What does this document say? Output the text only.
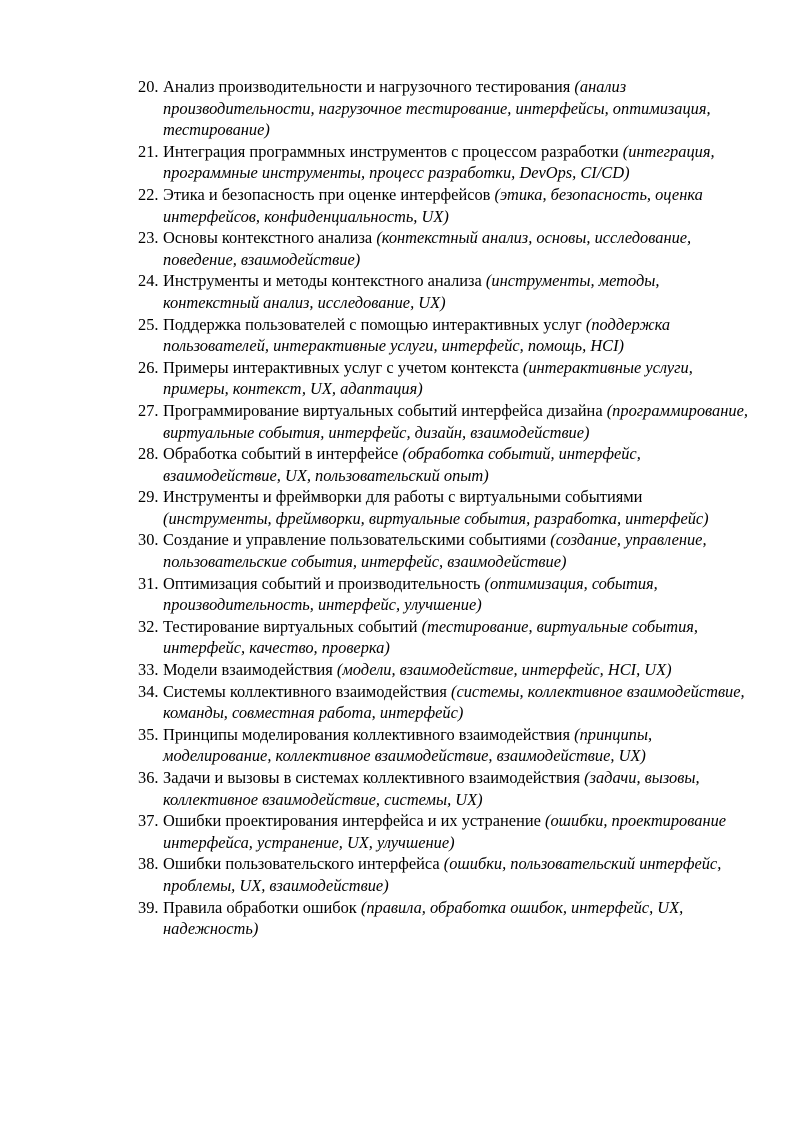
20. Анализ производительности и нагрузочного тестирования (анализ производительности, нагрузочное тестирование, интерфейсы, оптимизация, тестирование)
21. Интеграция программных инструментов с процессом разработки (интеграция, программные инструменты, процесс разработки, DevOps, CI/CD)
22. Этика и безопасность при оценке интерфейсов (этика, безопасность, оценка интерфейсов, конфиденциальность, UX)
23. Основы контекстного анализа (контекстный анализ, основы, исследование, поведение, взаимодействие)
24. Инструменты и методы контекстного анализа (инструменты, методы, контекстный анализ, исследование, UX)
25. Поддержка пользователей с помощью интерактивных услуг (поддержка пользователей, интерактивные услуги, интерфейс, помощь, HCI)
26. Примеры интерактивных услуг с учетом контекста (интерактивные услуги, примеры, контекст, UX, адаптация)
27. Программирование виртуальных событий интерфейса дизайна (программирование, виртуальные события, интерфейс, дизайн, взаимодействие)
28. Обработка событий в интерфейсе (обработка событий, интерфейс, взаимодействие, UX, пользовательский опыт)
29. Инструменты и фреймворки для работы с виртуальными событиями (инструменты, фреймворки, виртуальные события, разработка, интерфейс)
30. Создание и управление пользовательскими событиями (создание, управление, пользовательские события, интерфейс, взаимодействие)
31. Оптимизация событий и производительность (оптимизация, события, производительность, интерфейс, улучшение)
32. Тестирование виртуальных событий (тестирование, виртуальные события, интерфейс, качество, проверка)
33. Модели взаимодействия (модели, взаимодействие, интерфейс, HCI, UX)
34. Системы коллективного взаимодействия (системы, коллективное взаимодействие, команды, совместная работа, интерфейс)
35. Принципы моделирования коллективного взаимодействия (принципы, моделирование, коллективное взаимодействие, взаимодействие, UX)
36. Задачи и вызовы в системах коллективного взаимодействия (задачи, вызовы, коллективное взаимодействие, системы, UX)
37. Ошибки проектирования интерфейса и их устранение (ошибки, проектирование интерфейса, устранение, UX, улучшение)
38. Ошибки пользовательского интерфейса (ошибки, пользовательский интерфейс, проблемы, UX, взаимодействие)
39. Правила обработки ошибок (правила, обработка ошибок, интерфейс, UX, надежность)
